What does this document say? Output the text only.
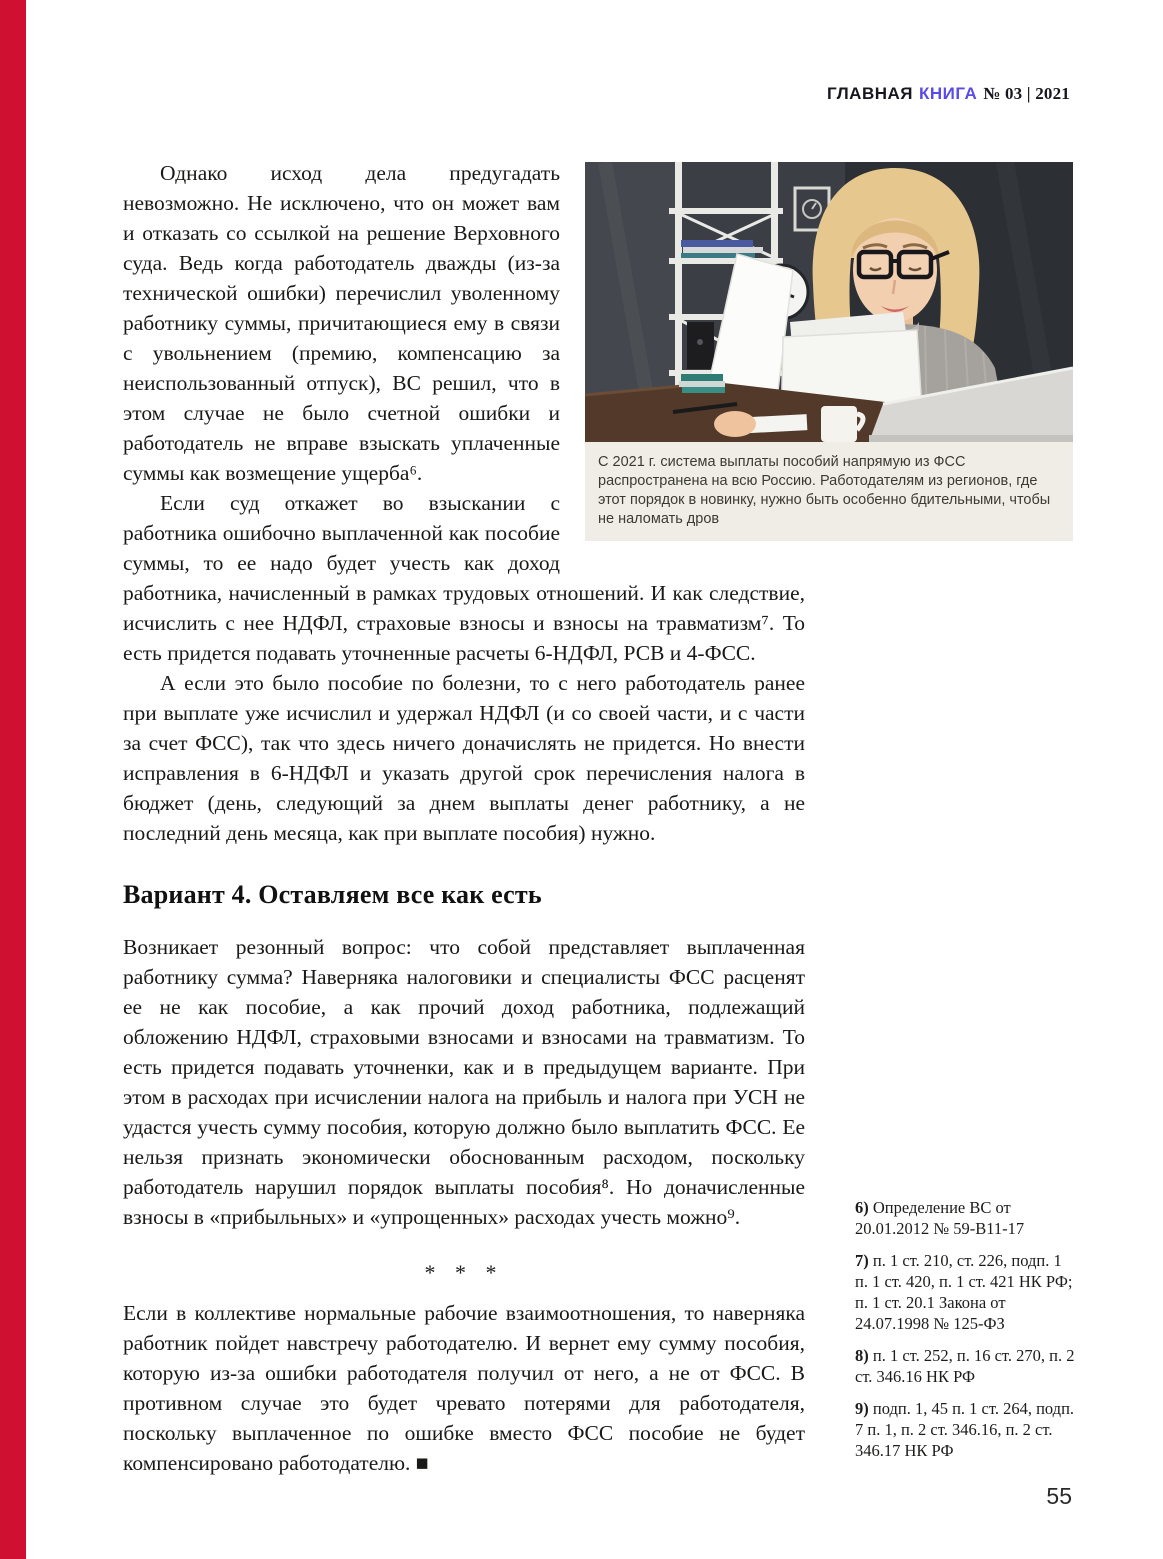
ГЛАВНАЯ КНИГА № 03 | 2021
С 2021 г. система выплаты пособий напрямую из ФСС распространена на всю Россию. Работодателям из регионов, где этот порядок в новинку, нужно быть особенно бдительными, чтобы не наломать дров

Однако исход дела предугадать невозможно. Не исключено, что он может вам и отказать со ссылкой на решение Верховного суда. Ведь когда работодатель дважды (из-за технической ошибки) перечислил уволенному работнику суммы, причитающиеся ему в связи с увольнением (премию, компенсацию за неиспользованный отпуск), ВС решил, что в этом случае не было счетной ошибки и работодатель не вправе взыскать уплаченные суммы как возмещение ущерба⁶.

Если суд откажет во взыскании с работника ошибочно выплаченной как пособие суммы, то ее надо будет учесть как доход работника, начисленный в рамках трудовых отношений. И как следствие, исчислить с нее НДФЛ, страховые взносы и взносы на травматизм⁷. То есть придется подавать уточненные расчеты 6-НДФЛ, РСВ и 4-ФСС.

А если это было пособие по болезни, то с него работодатель ранее при выплате уже исчислил и удержал НДФЛ (и со своей части, и с части за счет ФСС), так что здесь ничего доначислять не придется. Но внести исправления в 6-НДФЛ и указать другой срок перечисления налога в бюджет (день, следующий за днем выплаты денег работнику, а не последний день месяца, как при выплате пособия) нужно.

Вариант 4. Оставляем все как есть

Возникает резонный вопрос: что собой представляет выплаченная работнику сумма? Наверняка налоговики и специалисты ФСС расценят ее не как пособие, а как прочий доход работника, подлежащий обложению НДФЛ, страховыми взносами и взносами на травматизм. То есть придется подавать уточненки, как и в предыдущем варианте. При этом в расходах при исчислении налога на прибыль и налога при УСН не удастся учесть сумму пособия, которую должно было выплатить ФСС. Ее нельзя признать экономически обоснованным расходом, поскольку работодатель нарушил порядок выплаты пособия⁸. Но доначисленные взносы в «прибыльных» и «упрощенных» расходах учесть можно⁹.

* * *

Если в коллективе нормальные рабочие взаимоотношения, то наверняка работник пойдет навстречу работодателю. И вернет ему сумму пособия, которую из-за ошибки работодателя получил от него, а не от ФСС. В противном случае это будет чревато потерями для работодателя, поскольку выплаченное по ошибке вместо ФСС пособие не будет компенсировано работодателю. ■

6) Определение ВС от 20.01.2012 № 59-В11-17
7) п. 1 ст. 210, ст. 226, подп. 1 п. 1 ст. 420, п. 1 ст. 421 НК РФ; п. 1 ст. 20.1 Закона от 24.07.1998 № 125-ФЗ
8) п. 1 ст. 252, п. 16 ст. 270, п. 2 ст. 346.16 НК РФ
9) подп. 1, 45 п. 1 ст. 264, подп. 7 п. 1, п. 2 ст. 346.16, п. 2 ст. 346.17 НК РФ
55
